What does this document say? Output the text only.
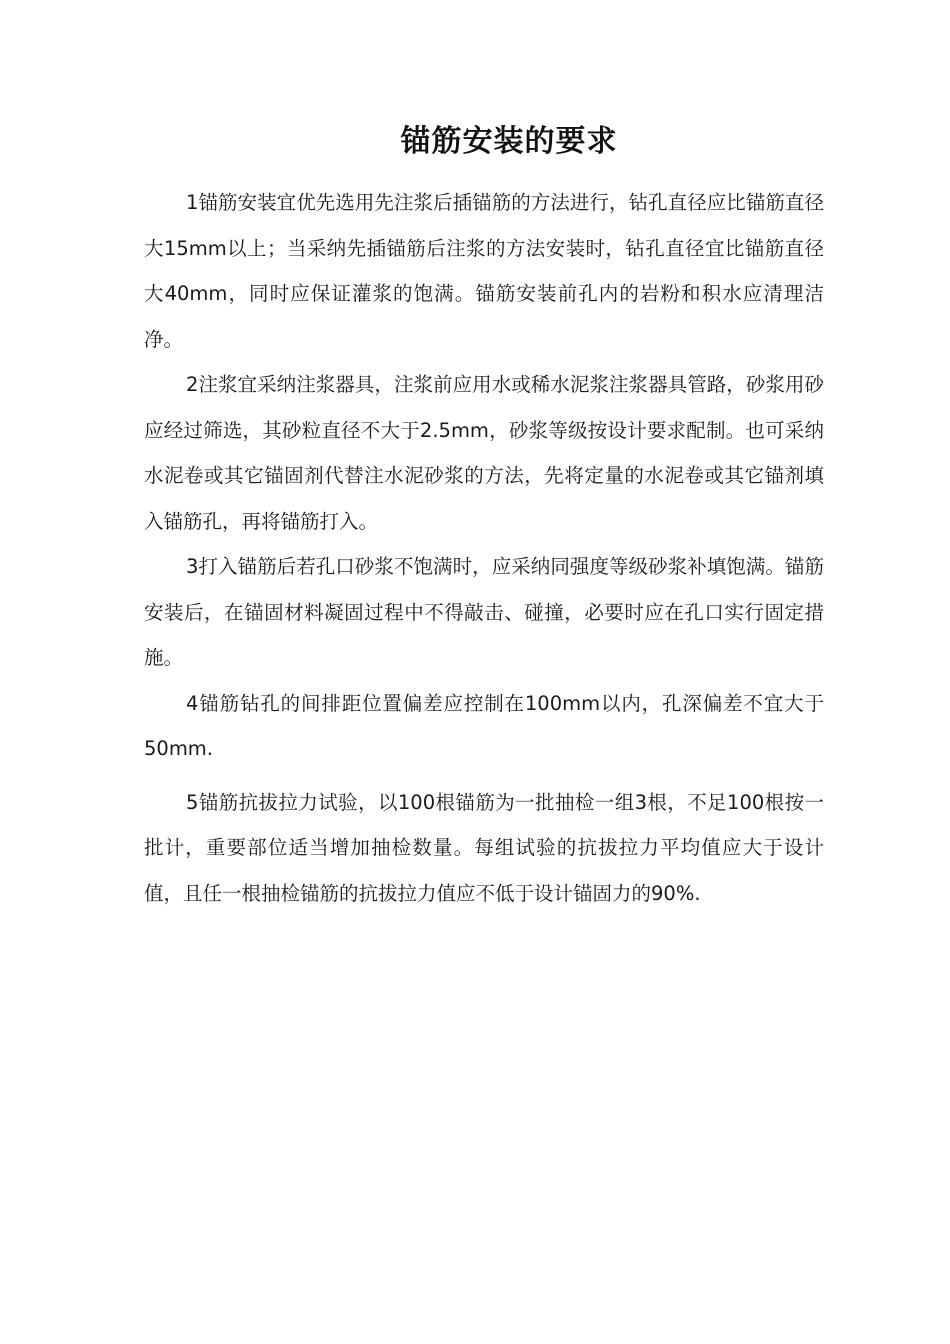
锚筋安装的要求

1锚筋安装宜优先选用先注浆后插锚筋的方法进行，钻孔直径应比锚筋直径大15mm以上；当采纳先插锚筋后注浆的方法安装时，钻孔直径宜比锚筋直径大40mm，同时应保证灌浆的饱满。锚筋安装前孔内的岩粉和积水应清理洁净。

2注浆宜采纳注浆器具，注浆前应用水或稀水泥浆注浆器具管路，砂浆用砂应经过筛选，其砂粒直径不大于2.5mm，砂浆等级按设计要求配制。也可采纳水泥卷或其它锚固剂代替注水泥砂浆的方法，先将定量的水泥卷或其它锚剂填入锚筋孔，再将锚筋打入。

3打入锚筋后若孔口砂浆不饱满时，应采纳同强度等级砂浆补填饱满。锚筋安装后，在锚固材料凝固过程中不得敲击、碰撞，必要时应在孔口实行固定措施。

4锚筋钻孔的间排距位置偏差应控制在100mm以内，孔深偏差不宜大于50mm.

5锚筋抗拔拉力试验，以100根锚筋为一批抽检一组3根，不足100根按一批计，重要部位适当增加抽检数量。每组试验的抗拔拉力平均值应大于设计值，且任一根抽检锚筋的抗拔拉力值应不低于设计锚固力的90%.
